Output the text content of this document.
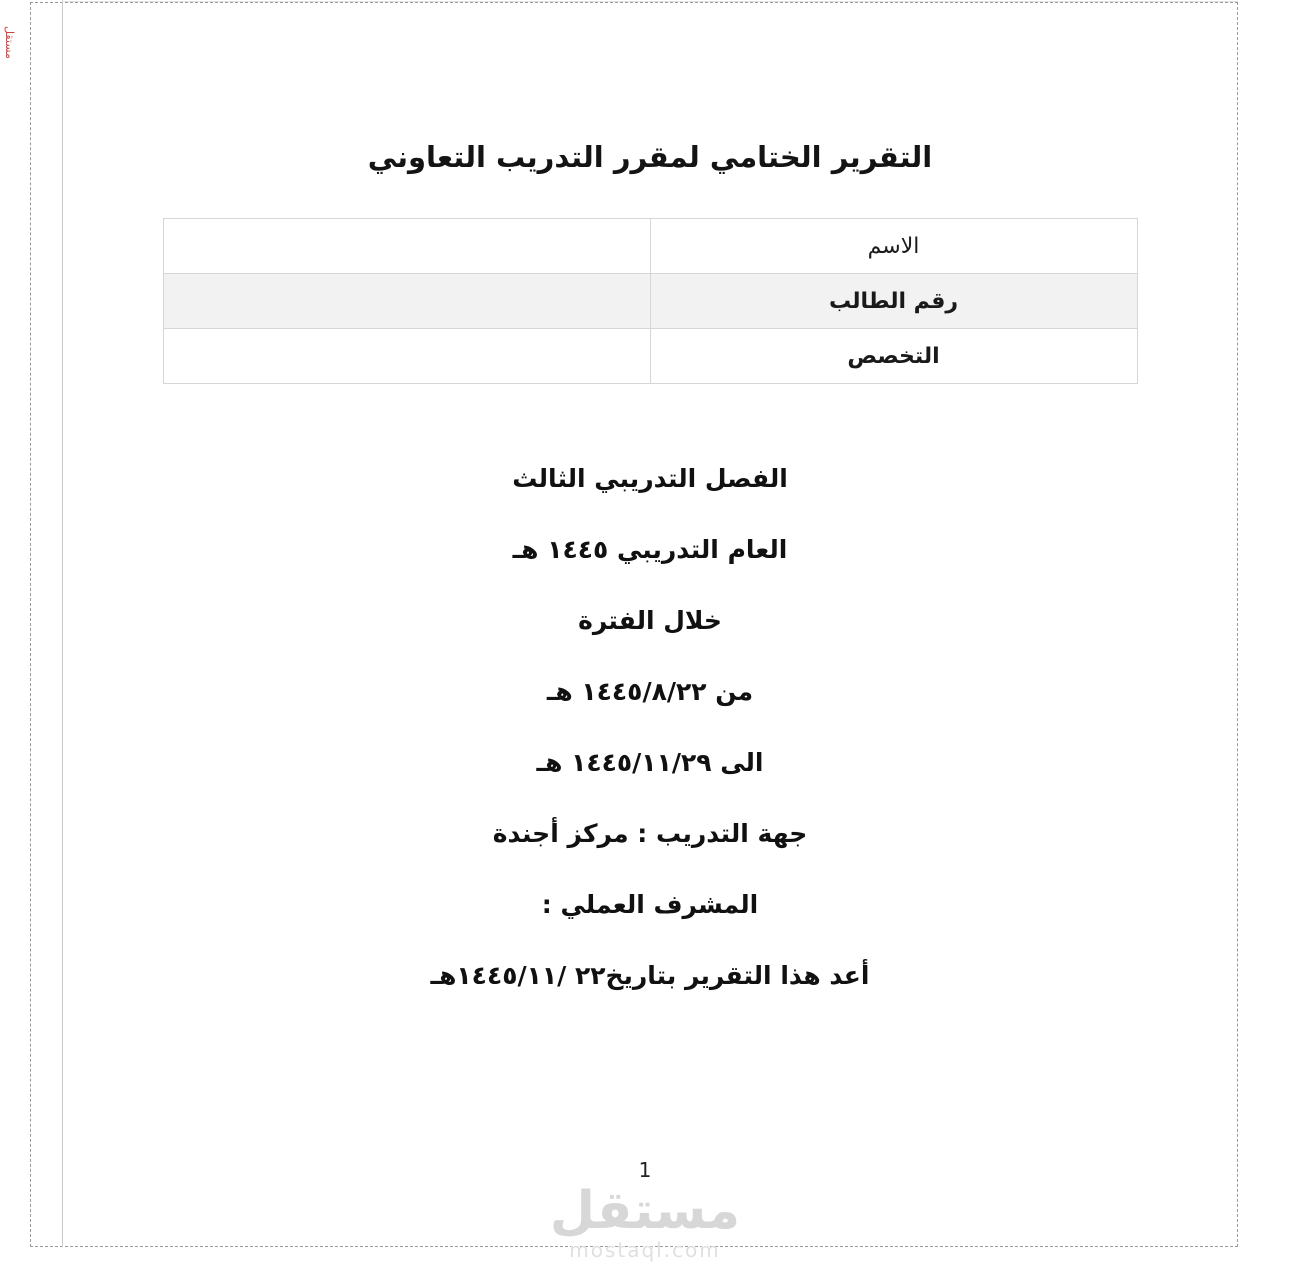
مستقل
التقرير الختامي لمقرر التدريب التعاوني
الاسم	
رقم الطالب	
التخصص	
الفصل التدريبي الثالث
العام التدريبي ١٤٤٥ هـ
خلال الفترة
من ١٤٤٥/٨/٢٢ هـ
الى ١٤٤٥/١١/٢٩ هـ
جهة التدريب : مركز أجندة
المشرف العملي :
أعد هذا التقرير بتاريخ٢٢ /١٤٤٥/١١هـ
1
مستقل
mostaql.com
